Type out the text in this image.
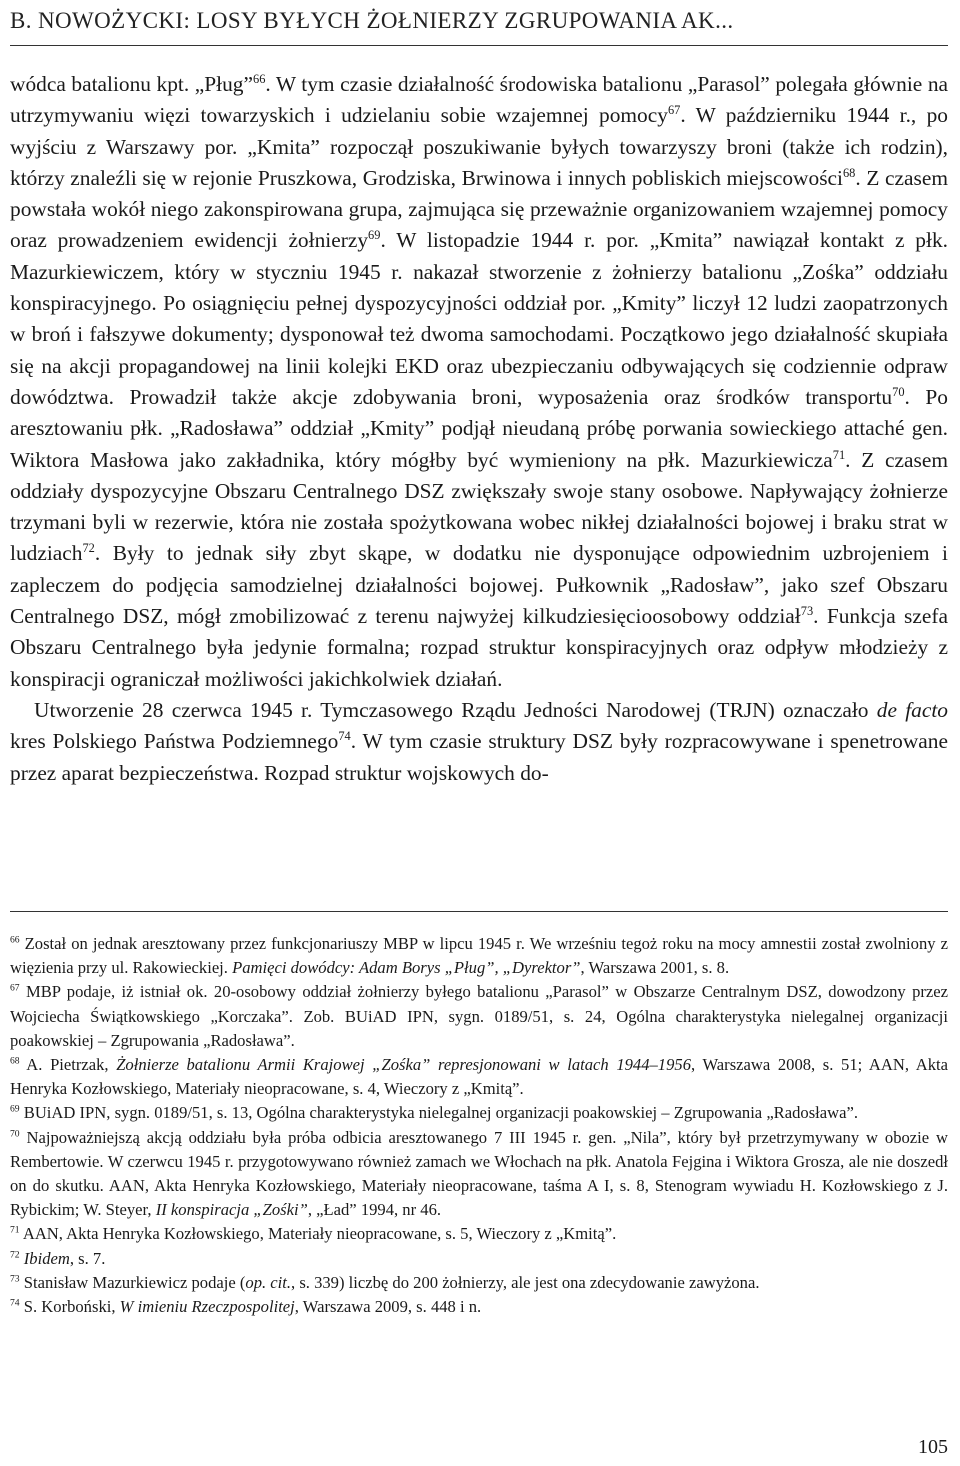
B. NOWOŻYCKI: LOSY BYŁYCH ŻOŁNIERZY ZGRUPOWANIA AK...

wódca batalionu kpt. „Pług”$^{66}$. W tym czasie działalność środowiska batalionu „Parasol” polegała głównie na utrzymywaniu więzi towarzyskich i udzielaniu sobie wzajemnej pomocy$^{67}$. W październiku 1944 r., po wyjściu z Warszawy por. „Kmita” rozpoczął poszukiwanie byłych towarzyszy broni (także ich rodzin), którzy znaleźli się w rejonie Pruszkowa, Grodziska, Brwinowa i innych pobliskich miejscowości$^{68}$. Z czasem powstała wokół niego zakonspirowana grupa, zajmująca się przeważnie organizowaniem wzajemnej pomocy oraz prowadzeniem ewidencji żołnierzy$^{69}$. W listopadzie 1944 r. por. „Kmita” nawiązał kontakt z płk. Mazurkiewiczem, który w styczniu 1945 r. nakazał stworzenie z żołnierzy batalionu „Zośka” oddziału konspiracyjnego. Po osiągnięciu pełnej dyspozycyjności oddział por. „Kmity” liczył 12 ludzi zaopatrzonych w broń i fałszywe dokumenty; dysponował też dwoma samochodami. Początkowo jego działalność skupiała się na akcji propagandowej na linii kolejki EKD oraz ubezpieczaniu odbywających się codziennie odpraw dowództwa. Prowadził także akcje zdobywania broni, wyposażenia oraz środków transportu$^{70}$. Po aresztowaniu płk. „Radosława” oddział „Kmity” podjął nieudaną próbę porwania sowieckiego attaché gen. Wiktora Masłowa jako zakładnika, który mógłby być wymieniony na płk. Mazurkiewicza$^{71}$. Z czasem oddziały dyspozycyjne Obszaru Centralnego DSZ zwiększały swoje stany osobowe. Napływający żołnierze trzymani byli w rezerwie, która nie została spożytkowana wobec nikłej działalności bojowej i braku strat w ludziach$^{72}$. Były to jednak siły zbyt skąpe, w dodatku nie dysponujące odpowiednim uzbrojeniem i zapleczem do podjęcia samodzielnej działalności bojowej. Pułkownik „Radosław”, jako szef Obszaru Centralnego DSZ, mógł zmobilizować z terenu najwyżej kilkudziesięcioosobowy oddział$^{73}$. Funkcja szefa Obszaru Centralnego była jedynie formalna; rozpad struktur konspiracyjnych oraz odpływ młodzieży z konspiracji ograniczał możliwości jakichkolwiek działań.

Utworzenie 28 czerwca 1945 r. Tymczasowego Rządu Jedności Narodowej (TRJN) oznaczało de facto kres Polskiego Państwa Podziemnego$^{74}$. W tym czasie struktury DSZ były rozpracowywane i spenetrowane przez aparat bezpieczeństwa. Rozpad struktur wojskowych do-

$^{66}$ Został on jednak aresztowany przez funkcjonariuszy MBP w lipcu 1945 r. We wrześniu tegoż roku na mocy amnestii został zwolniony z więzienia przy ul. Rakowieckiej. Pamięci dowódcy: Adam Borys „Pług”, „Dyrektor”, Warszawa 2001, s. 8.

$^{67}$ MBP podaje, iż istniał ok. 20-osobowy oddział żołnierzy byłego batalionu „Parasol” w Obszarze Centralnym DSZ, dowodzony przez Wojciecha Świątkowskiego „Korczaka”. Zob. BUiAD IPN, sygn. 0189/51, s. 24, Ogólna charakterystyka nielegalnej organizacji poakowskiej – Zgrupowania „Radosława”.

$^{68}$ A. Pietrzak, Żołnierze batalionu Armii Krajowej „Zośka” represjonowani w latach 1944–1956, Warszawa 2008, s. 51; AAN, Akta Henryka Kozłowskiego, Materiały nieopracowane, s. 4, Wieczory z „Kmitą”.

$^{69}$ BUiAD IPN, sygn. 0189/51, s. 13, Ogólna charakterystyka nielegalnej organizacji poakowskiej – Zgrupowania „Radosława”.

$^{70}$ Najpoważniejszą akcją oddziału była próba odbicia aresztowanego 7 III 1945 r. gen. „Nila”, który był przetrzymywany w obozie w Rembertowie. W czerwcu 1945 r. przygotowywano również zamach we Włochach na płk. Anatola Fejgina i Wiktora Grosza, ale nie doszedł on do skutku. AAN, Akta Henryka Kozłowskiego, Materiały nieopracowane, taśma A I, s. 8, Stenogram wywiadu H. Kozłowskiego z J. Rybickim; W. Steyer, II konspiracja „Zośki”, „Ład” 1994, nr 46.

$^{71}$ AAN, Akta Henryka Kozłowskiego, Materiały nieopracowane, s. 5, Wieczory z „Kmitą”.

$^{72}$ Ibidem, s. 7.

$^{73}$ Stanisław Mazurkiewicz podaje (op. cit., s. 339) liczbę do 200 żołnierzy, ale jest ona zdecydowanie zawyżona.

$^{74}$ S. Korboński, W imieniu Rzeczpospolitej, Warszawa 2009, s. 448 i n.

105
